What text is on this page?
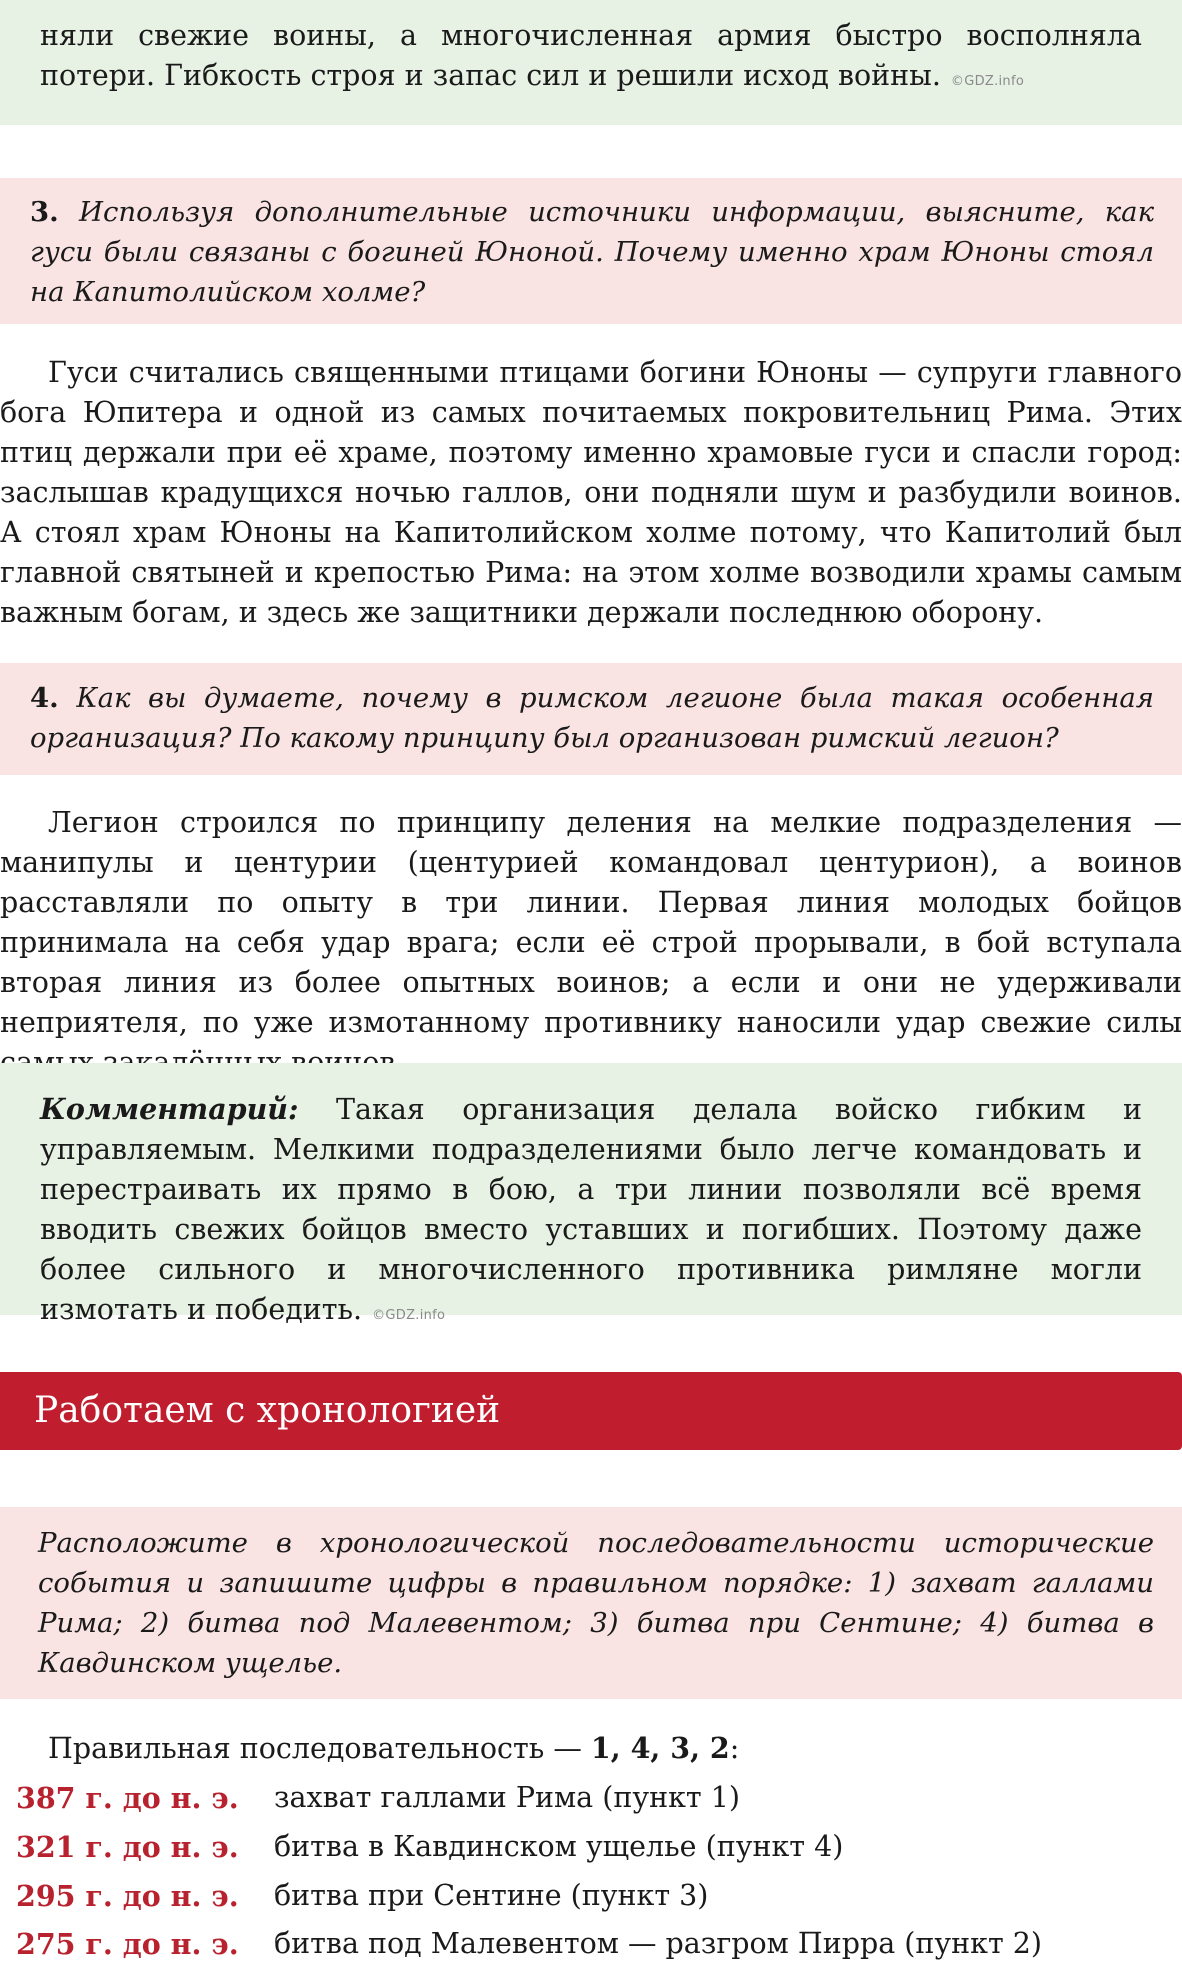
няли свежие воины, а многочисленная армия быстро восполняла потери. Гибкость строя и запас сил и решили исход войны. ©GDZ.info
3. Используя дополнительные источники информации, выясните, как гуси были связаны с богиней Юноной. Почему именно храм Юноны стоял на Капитолийском холме?
Гуси считались священными птицами богини Юноны — супруги главного бога Юпитера и одной из самых почитаемых покровительниц Рима. Этих птиц держали при её храме, поэтому именно храмовые гуси и спасли город: заслышав крадущихся ночью галлов, они подняли шум и разбудили воинов. А стоял храм Юноны на Капитолийском холме потому, что Капитолий был главной святыней и крепостью Рима: на этом холме возводили храмы самым важным богам, и здесь же защитники держали последнюю оборону.
4. Как вы думаете, почему в римском легионе была такая особенная организация? По какому принципу был организован римский легион?
Легион строился по принципу деления на мелкие подразделения — манипулы и центурии (центурией командовал центурион), а воинов расставляли по опыту в три линии. Первая линия молодых бойцов принимала на себя удар врага; если её строй прорывали, в бой вступала вторая линия из более опытных воинов; а если и они не удерживали неприятеля, по уже измотанному противнику наносили удар свежие силы
Комментарий: Такая организация делала войско гибким и управляемым. Мелкими подразделениями было легче командовать и перестраивать их прямо в бою, а три линии позволяли всё время вводить свежих бойцов вместо уставших и погибших. Поэтому даже более сильного и многочисленного противника римляне могли измотать и победить. ©GDZ.info
Работаем с хронологией
Расположите в хронологической последовательности исторические события и запишите цифры в правильном порядке: 1) захват галлами Рима; 2) битва под Малевентом; 3) битва при Сентине; 4) битва в Кавдинском ущелье.
Правильная последовательность — 1, 4, 3, 2:
387 г. до н. э. захват галлами Рима (пункт 1)
321 г. до н. э. битва в Кавдинском ущелье (пункт 4)
295 г. до н. э. битва при Сентине (пункт 3)
275 г. до н. э. битва под Малевентом — разгром Пирра (пункт 2)
